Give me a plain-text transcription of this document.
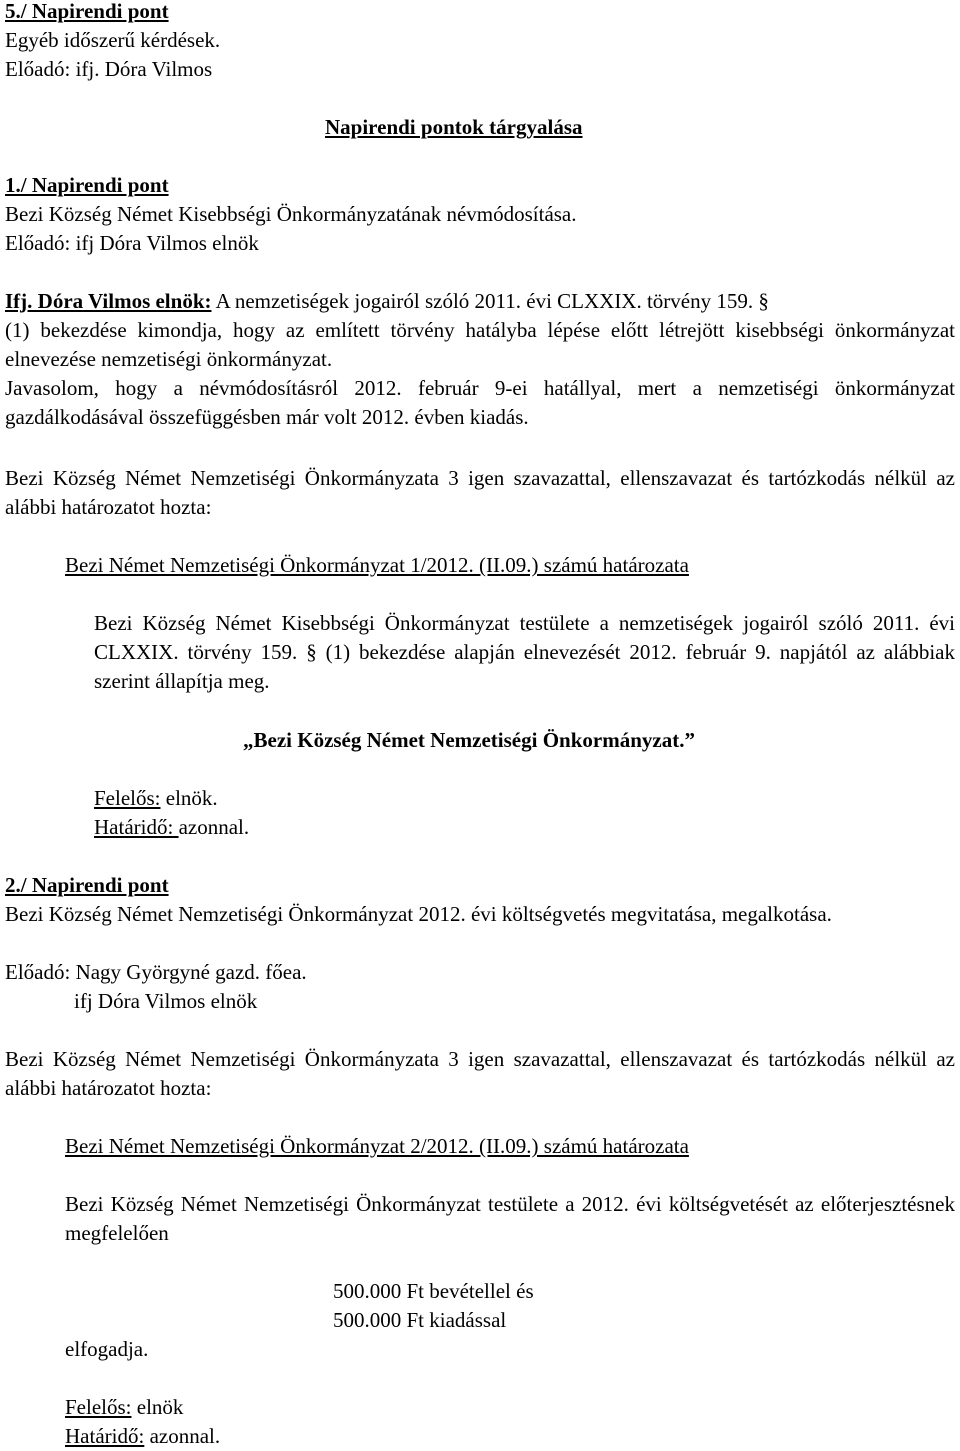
5./ Napirendi pont
Egyéb időszerű kérdések.
Előadó: ifj. Dóra Vilmos
Napirendi pontok tárgyalása
1./ Napirendi pont
Bezi Község Német Kisebbségi Önkormányzatának névmódosítása.
Előadó: ifj Dóra Vilmos elnök
Ifj. Dóra Vilmos elnök: A nemzetiségek jogairól szóló 2011. évi CLXXIX. törvény 159. §
(1) bekezdése kimondja, hogy az említett törvény hatályba lépése előtt létrejött kisebbségi önkormányzat elnevezése nemzetiségi önkormányzat.
Javasolom, hogy a névmódosításról 2012. február 9-ei hatállyal, mert a nemzetiségi önkormányzat gazdálkodásával összefüggésben már volt 2012. évben kiadás.
Bezi Község Német Nemzetiségi Önkormányzata 3 igen szavazattal, ellenszavazat és tartózkodás nélkül az alábbi határozatot hozta:
Bezi Német Nemzetiségi Önkormányzat 1/2012. (II.09.) számú határozata
Bezi Község Német Kisebbségi Önkormányzat testülete a nemzetiségek jogairól szóló 2011. évi CLXXIX. törvény 159. § (1) bekezdése alapján elnevezését 2012. február 9. napjától az alábbiak szerint állapítja meg.
„Bezi Község Német Nemzetiségi Önkormányzat.”
Felelős: elnök.
Határidő: azonnal.
2./ Napirendi pont
Bezi Község Német Nemzetiségi Önkormányzat 2012. évi költségvetés megvitatása, megalkotása.
Előadó: Nagy Györgyné gazd. főea.
ifj Dóra Vilmos elnök
Bezi Község Német Nemzetiségi Önkormányzata 3 igen szavazattal, ellenszavazat és tartózkodás nélkül az alábbi határozatot hozta:
Bezi Német Nemzetiségi Önkormányzat 2/2012. (II.09.) számú határozata
Bezi Község Német Nemzetiségi Önkormányzat testülete a 2012. évi költségvetését az előterjesztésnek megfelelően
500.000 Ft bevétellel és
500.000 Ft kiadással
elfogadja.
Felelős: elnök
Határidő: azonnal.
